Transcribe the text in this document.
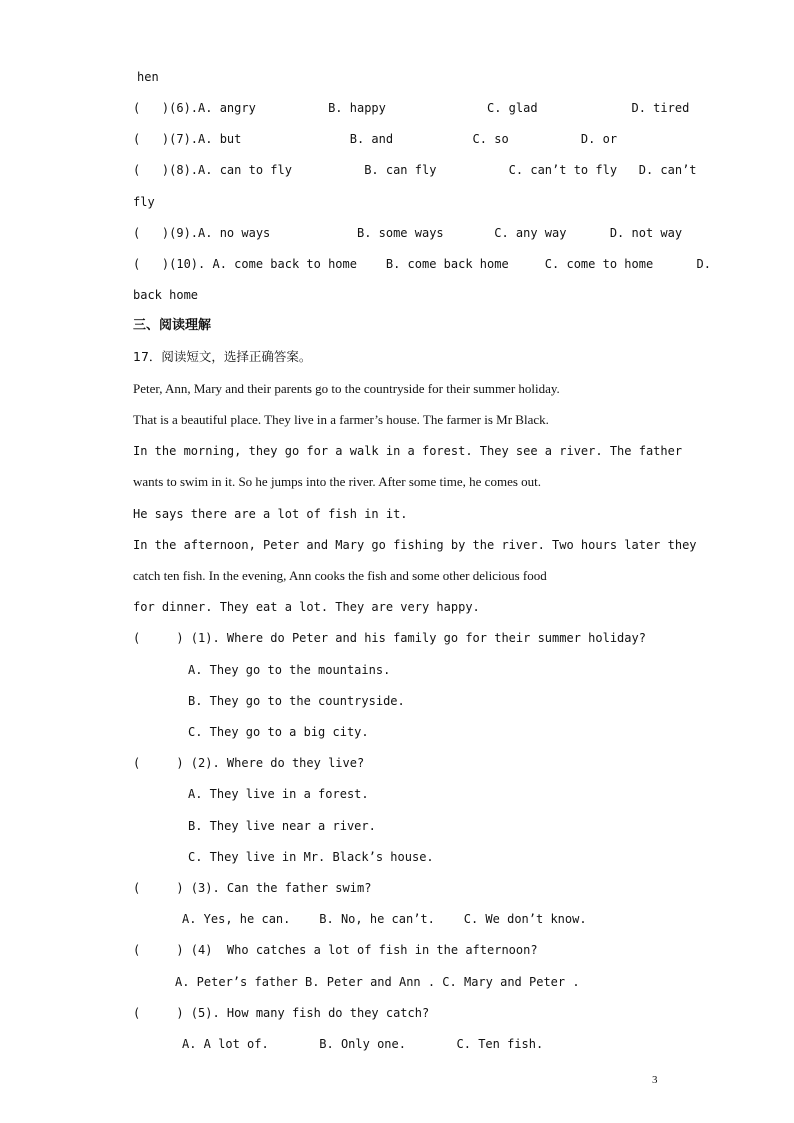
hen
(   )(6).A. angry          B. happy              C. glad             D. tired
(   )(7).A. but               B. and           C. so          D. or
(   )(8).A. can to fly          B. can fly          C. can’t to fly   D. can’t
fly
(   )(9).A. no ways            B. some ways       C. any way      D. not way
(   )(10). A. come back to home    B. come back home     C. come to home      D.
back home
三、阅读理解
17．阅读短文，选择正确答案。
Peter, Ann, Mary and their parents go to the countryside for their summer holiday.
That is a beautiful place. They live in a farmer’s house. The farmer is Mr Black.
In the morning, they go for a walk in a forest. They see a river. The father
wants to swim in it. So he jumps into the river. After some time, he comes out.
He says there are a lot of fish in it.
In the afternoon, Peter and Mary go fishing by the river. Two hours later they
catch ten fish. In the evening, Ann cooks the fish and some other delicious food
for dinner. They eat a lot. They are very happy.
(     ) (1). Where do Peter and his family go for their summer holiday?
A. They go to the mountains.
B. They go to the countryside.
C. They go to a big city.
(     ) (2). Where do they live?
A. They live in a forest.
B. They live near a river.
C. They live in Mr. Black’s house.
(     ) (3). Can the father swim?
A. Yes, he can.    B. No, he can’t.    C. We don’t know.
(     ) (4)  Who catches a lot of fish in the afternoon?
A. Peter’s father B. Peter and Ann . C. Mary and Peter .
(     ) (5). How many fish do they catch?
A. A lot of.       B. Only one.       C. Ten fish.
3
